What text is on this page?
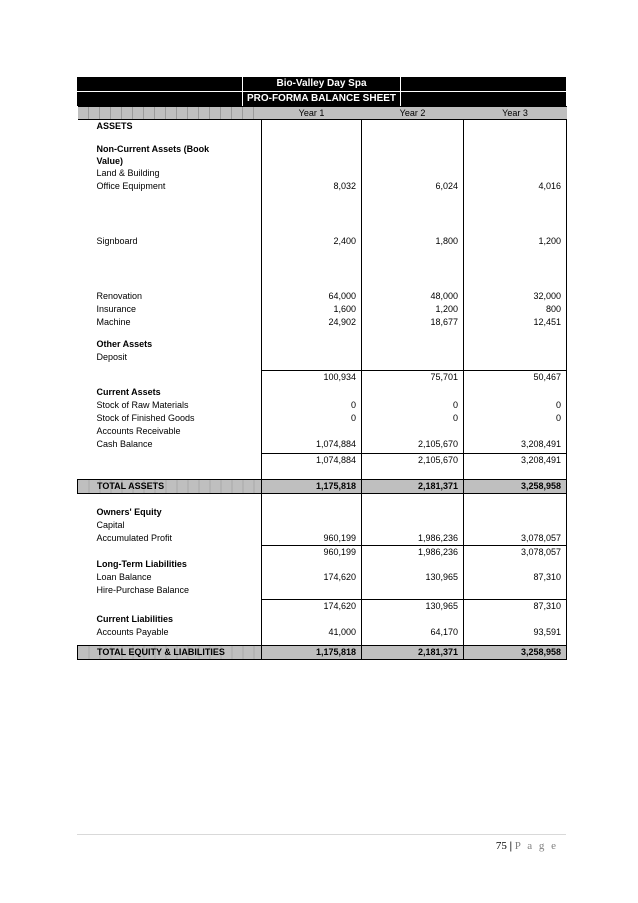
Bio-Valley Day Spa
PRO-FORMA BALANCE SHEET
	Year 1	Year 2	Year 3
ASSETS			

Non-Current Assets (Book Value)			
Land & Building			
Office Equipment	8,032	6,024	4,016

Signboard	2,400	1,800	1,200

Renovation	64,000	48,000	32,000
Insurance	1,600	1,200	800
Machine	24,902	18,677	12,451

Other Assets			
Deposit			

	100,934	75,701	50,467
Current Assets			
Stock of Raw Materials	0	0	0
Stock of Finished Goods	0	0	0
Accounts Receivable			
Cash Balance	1,074,884	2,105,670	3,208,491

	1,074,884	2,105,670	3,208,491

TOTAL ASSETS	1,175,818	2,181,371	3,258,958

Owners' Equity			
Capital			
Accumulated Profit	960,199	1,986,236	3,078,057
	960,199	1,986,236	3,078,057
Long-Term Liabilities			
Loan Balance	174,620	130,965	87,310
Hire-Purchase Balance			

	174,620	130,965	87,310
Current Liabilities			
Accounts Payable	41,000	64,170	93,591

TOTAL EQUITY & LIABILITIES	1,175,818	2,181,371	3,258,958
75 | P a g e
